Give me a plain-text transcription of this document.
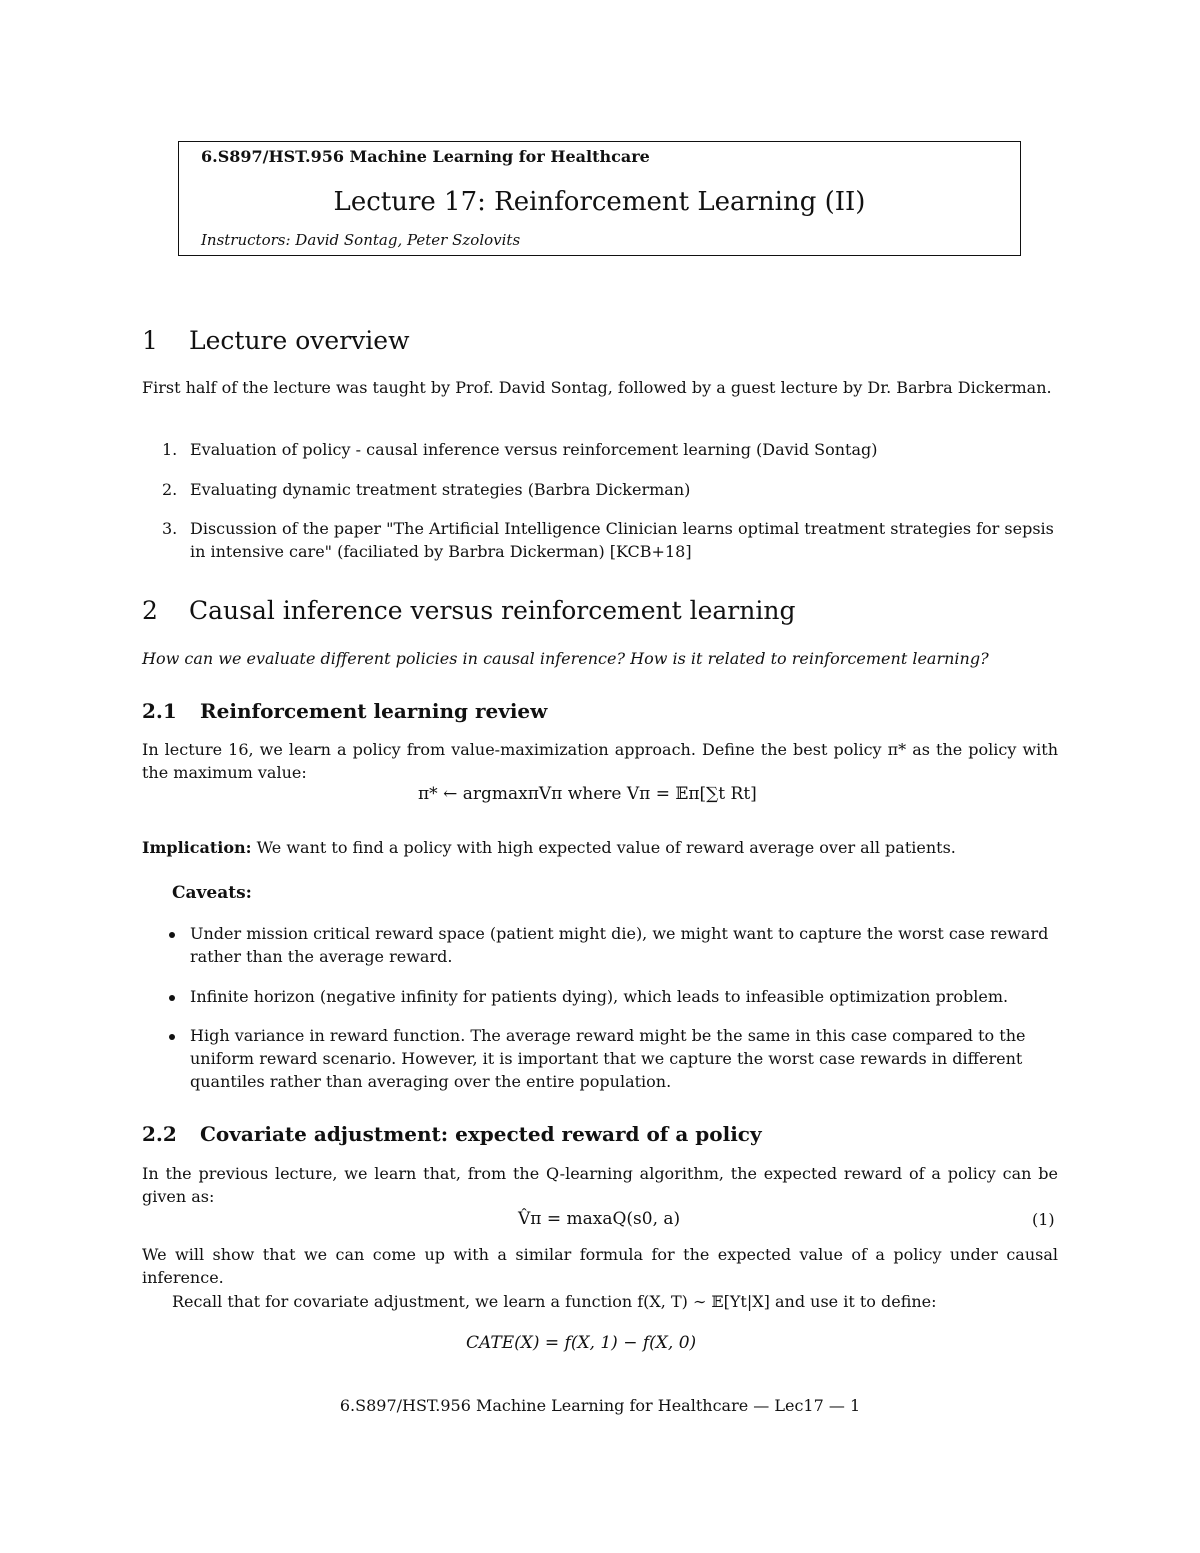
6.S897/HST.956 Machine Learning for Healthcare
Lecture 17: Reinforcement Learning (II)
Instructors: David Sontag, Peter Szolovits
1 Lecture overview
First half of the lecture was taught by Prof. David Sontag, followed by a guest lecture by Dr. Barbra Dickerman.
1. Evaluation of policy - causal inference versus reinforcement learning (David Sontag)
2. Evaluating dynamic treatment strategies (Barbra Dickerman)
3. Discussion of the paper "The Artificial Intelligence Clinician learns optimal treatment strategies for sepsis in intensive care" (faciliated by Barbra Dickerman) [KCB+18]
2 Causal inference versus reinforcement learning
How can we evaluate different policies in causal inference? How is it related to reinforcement learning?
2.1 Reinforcement learning review
In lecture 16, we learn a policy from value-maximization approach. Define the best policy π* as the policy with the maximum value:
π* ← argmaxπVπ where Vπ = 𝔼π[∑t Rt]
Implication: We want to find a policy with high expected value of reward average over all patients.
Caveats:
Under mission critical reward space (patient might die), we might want to capture the worst case reward rather than the average reward.
Infinite horizon (negative infinity for patients dying), which leads to infeasible optimization problem.
High variance in reward function. The average reward might be the same in this case compared to the uniform reward scenario. However, it is important that we capture the worst case rewards in different quantiles rather than averaging over the entire population.
2.2 Covariate adjustment: expected reward of a policy
In the previous lecture, we learn that, from the Q-learning algorithm, the expected reward of a policy can be given as:
V̂π = maxaQ(s0, a)	(1)
We will show that we can come up with a similar formula for the expected value of a policy under causal inference.
Recall that for covariate adjustment, we learn a function f(X, T) ∼ 𝔼[Yt|X] and use it to define:
CATE(X) = f(X, 1) − f(X, 0)
6.S897/HST.956 Machine Learning for Healthcare — Lec17 — 1
